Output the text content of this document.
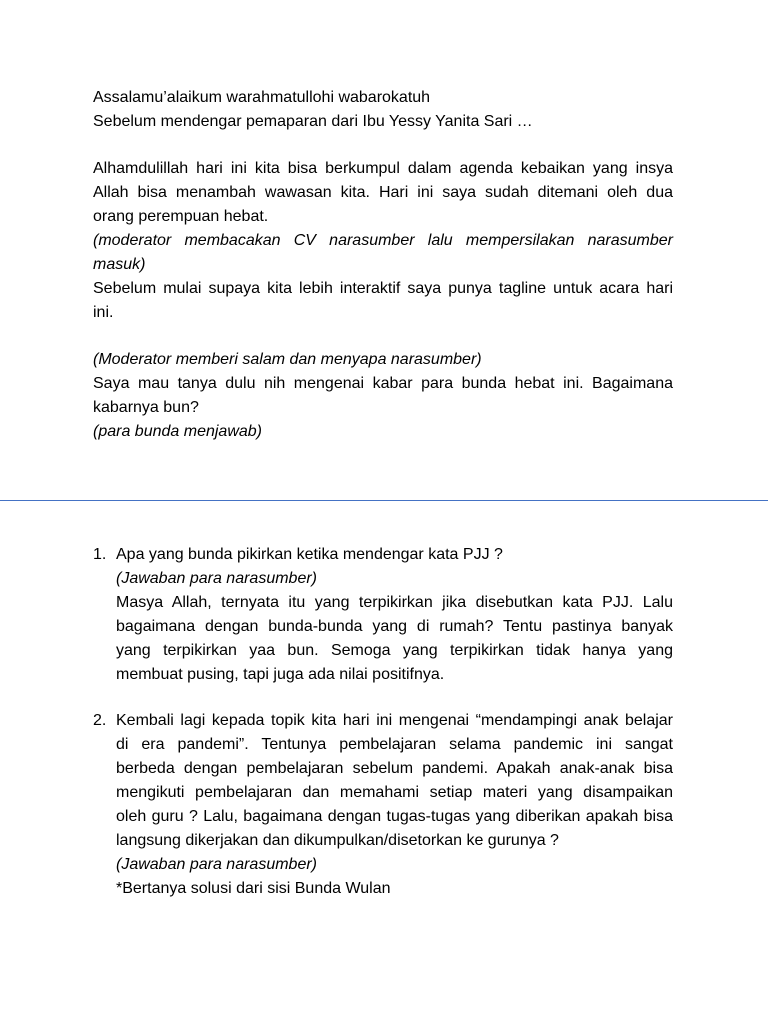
Assalamu’alaikum warahmatullohi wabarokatuh
Sebelum mendengar pemaparan dari Ibu Yessy Yanita Sari …
Alhamdulillah hari ini kita bisa berkumpul dalam agenda kebaikan yang insya
Allah bisa menambah wawasan kita. Hari ini saya sudah ditemani oleh dua
orang perempuan hebat.
(moderator membacakan CV narasumber lalu mempersilakan narasumber
masuk)
Sebelum mulai supaya kita lebih interaktif saya punya tagline untuk acara hari
ini.
(Moderator memberi salam dan menyapa narasumber)
Saya mau tanya dulu nih mengenai kabar para bunda hebat ini. Bagaimana
kabarnya bun?
(para bunda menjawab)
1. Apa yang bunda pikirkan ketika mendengar kata PJJ ?
(Jawaban para narasumber)
Masya Allah, ternyata itu yang terpikirkan jika disebutkan kata PJJ. Lalu
bagaimana dengan bunda-bunda yang di rumah? Tentu pastinya banyak
yang terpikirkan yaa bun. Semoga yang terpikirkan tidak hanya yang
membuat pusing, tapi juga ada nilai positifnya.
2. Kembali lagi kepada topik kita hari ini mengenai “mendampingi anak belajar
di era pandemi”. Tentunya pembelajaran selama pandemic ini sangat
berbeda dengan pembelajaran sebelum pandemi. Apakah anak-anak bisa
mengikuti pembelajaran dan memahami setiap materi yang disampaikan
oleh guru ? Lalu, bagaimana dengan tugas-tugas yang diberikan apakah bisa
langsung dikerjakan dan dikumpulkan/disetorkan ke gurunya ?
(Jawaban para narasumber)
*Bertanya solusi dari sisi Bunda Wulan
